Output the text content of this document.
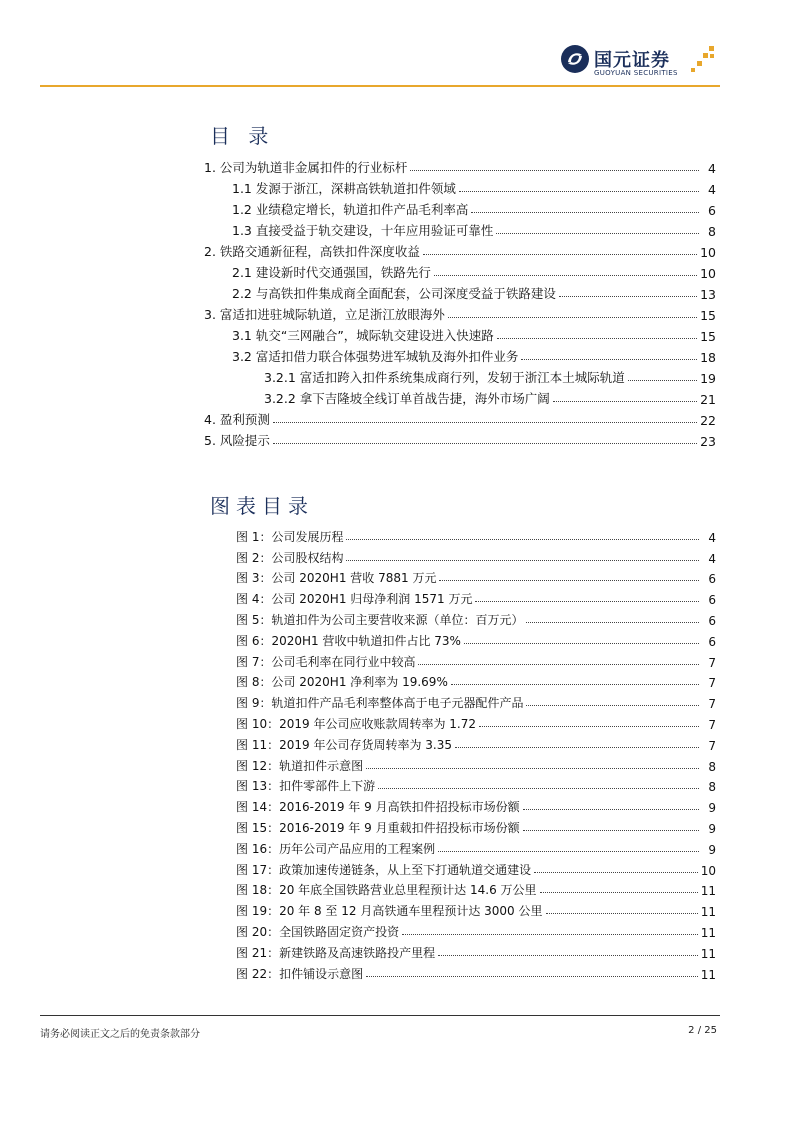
国元证券
GUOYUAN SECURITIES
目 录
1. 公司为轨道非金属扣件的行业标杆	4
1.1 发源于浙江，深耕高铁轨道扣件领域	4
1.2 业绩稳定增长，轨道扣件产品毛利率高	6
1.3 直接受益于轨交建设，十年应用验证可靠性	8
2. 铁路交通新征程，高铁扣件深度收益	10
2.1 建设新时代交通强国，铁路先行	10
2.2 与高铁扣件集成商全面配套，公司深度受益于铁路建设	13
3. 富适扣进驻城际轨道，立足浙江放眼海外	15
3.1 轨交“三网融合”，城际轨交建设进入快速路	15
3.2 富适扣借力联合体强势进军城轨及海外扣件业务	18
3.2.1 富适扣跨入扣件系统集成商行列，发轫于浙江本土城际轨道	19
3.2.2 拿下吉隆坡全线订单首战告捷，海外市场广阔	21
4. 盈利预测	22
5. 风险提示	23
图表目录
图 1：公司发展历程	4
图 2：公司股权结构	4
图 3：公司 2020H1 营收 7881 万元	6
图 4：公司 2020H1 归母净利润 1571 万元	6
图 5：轨道扣件为公司主要营收来源（单位：百万元）	6
图 6：2020H1 营收中轨道扣件占比 73%	6
图 7：公司毛利率在同行业中较高	7
图 8：公司 2020H1 净利率为 19.69%	7
图 9：轨道扣件产品毛利率整体高于电子元器配件产品	7
图 10：2019 年公司应收账款周转率为 1.72	7
图 11：2019 年公司存货周转率为 3.35	7
图 12：轨道扣件示意图	8
图 13：扣件零部件上下游	8
图 14：2016-2019 年 9 月高铁扣件招投标市场份额	9
图 15：2016-2019 年 9 月重载扣件招投标市场份额	9
图 16：历年公司产品应用的工程案例	9
图 17：政策加速传递链条，从上至下打通轨道交通建设	10
图 18：20 年底全国铁路营业总里程预计达 14.6 万公里	11
图 19：20 年 8 至 12 月高铁通车里程预计达 3000 公里	11
图 20：全国铁路固定资产投资	11
图 21：新建铁路及高速铁路投产里程	11
图 22：扣件铺设示意图	11
请务必阅读正文之后的免责条款部分	2 / 25
